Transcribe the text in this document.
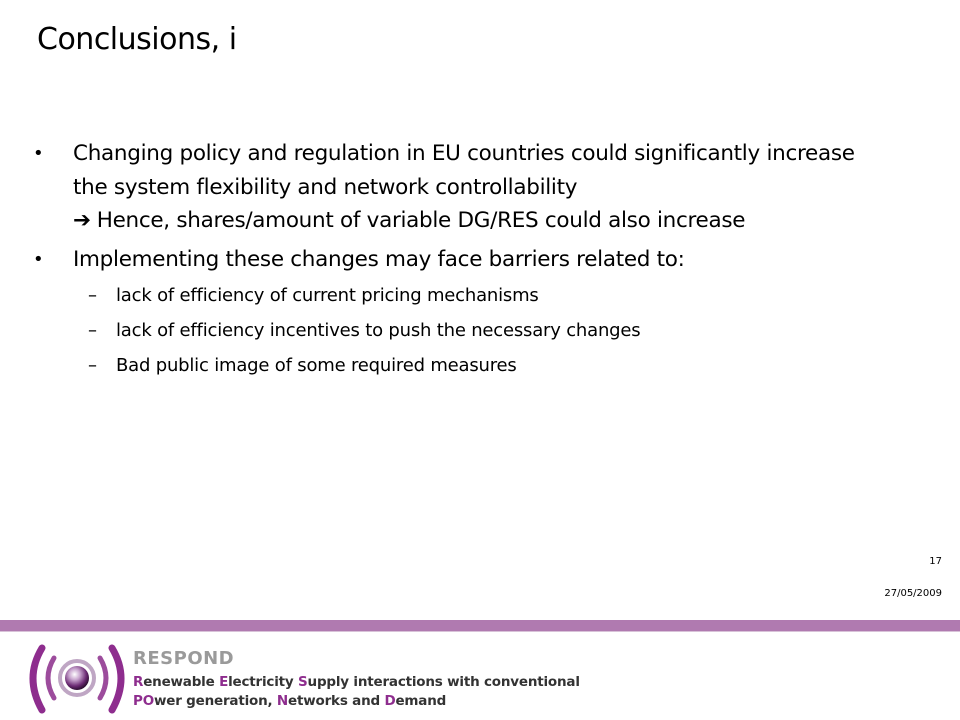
Conclusions, i
• Changing policy and regulation in EU countries could significantly increase the system flexibility and network controllability
➔ Hence, shares/amount of variable DG/RES could also increase
• Implementing these changes may face barriers related to:
– lack of efficiency of current pricing mechanisms
– lack of efficiency incentives to push the necessary changes
– Bad public image of some required measures
17
27/05/2009
RESPOND
Renewable Electricity Supply interactions with conventional
POwer generation, Networks and Demand
